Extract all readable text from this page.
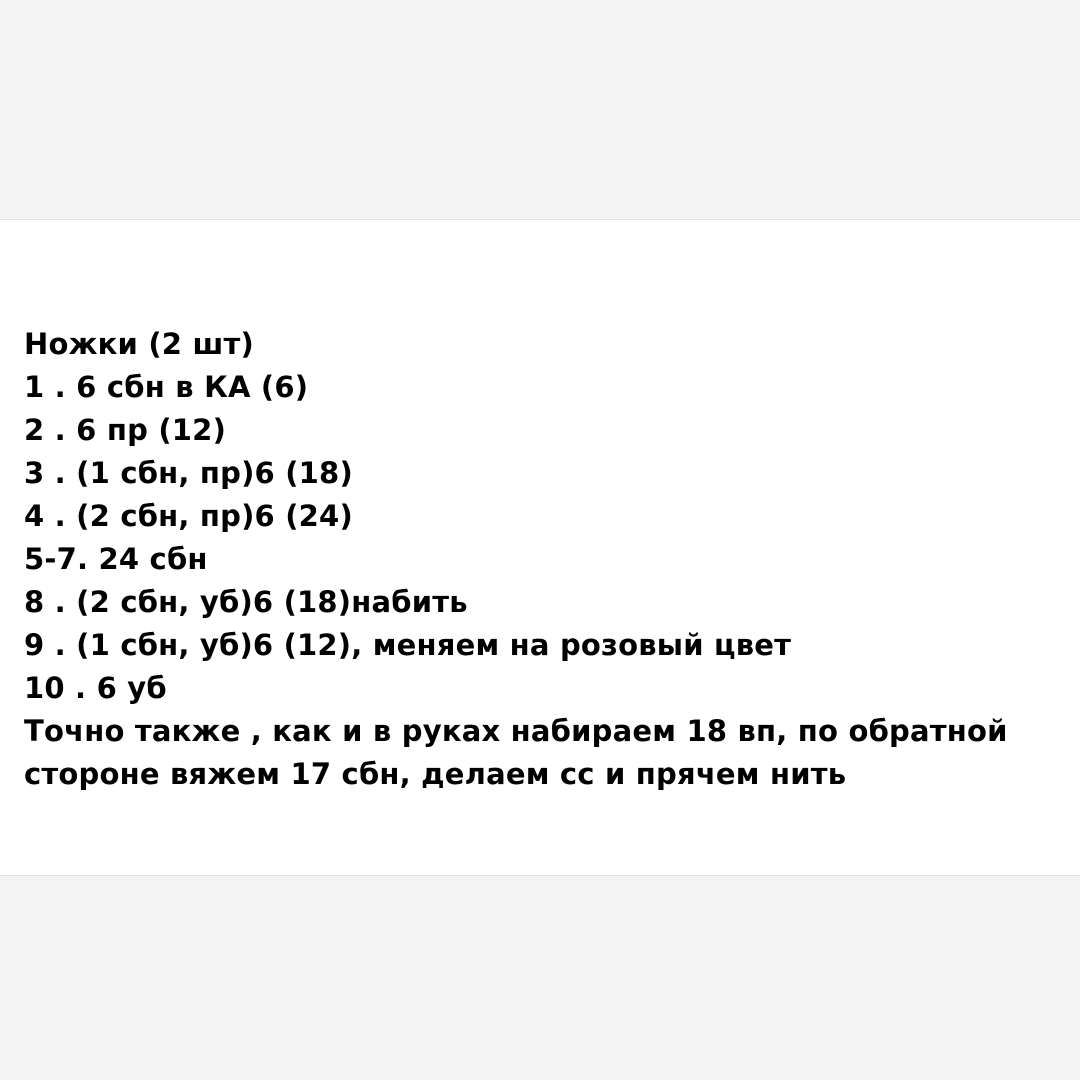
Ножки (2 шт)
1 . 6 сбн в КА (6)
2 . 6 пр (12)
3 . (1 сбн, пр)6 (18)
4 . (2 сбн, пр)6 (24)
5-7. 24 сбн
8 . (2 сбн, уб)6 (18)набить
9 . (1 сбн, уб)6 (12), меняем на розовый цвет
10 . 6 уб
Точно также , как и в руках набираем 18 вп, по обратной
стороне вяжем 17 сбн, делаем сс и прячем нить
